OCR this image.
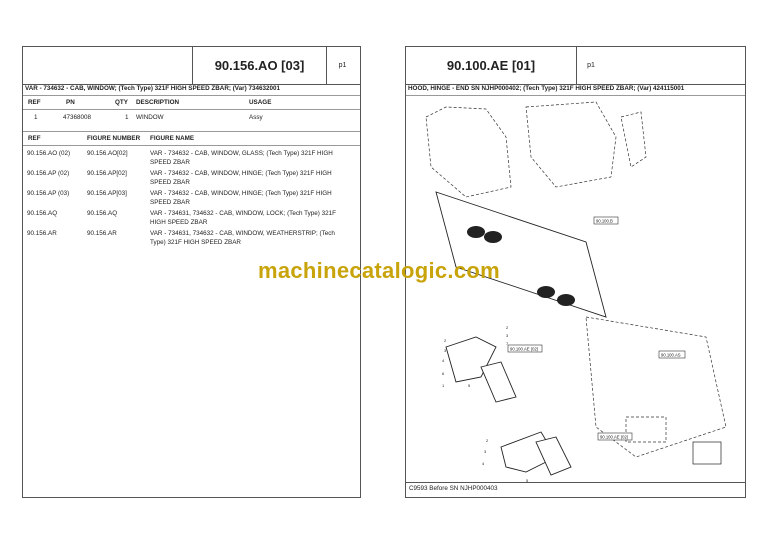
90.156.AO [03]	p1
VAR - 734632 - CAB, WINDOW; (Tech Type) 321F HIGH SPEED ZBAR; (Var) 734632001
REF	PN	QTY DESCRIPTION	USAGE
1	47368008	1 WINDOW	Assy
REF	FIGURE NUMBER FIGURE NAME
90.156.AO (02)	90.156.AO[02]	VAR - 734632 - CAB, WINDOW, GLASS; (Tech Type) 321F HIGH SPEED ZBAR
90.156.AP (02)	90.156.AP[02]	VAR - 734632 - CAB, WINDOW, HINGE; (Tech Type) 321F HIGH SPEED ZBAR
90.156.AP (03)	90.156.AP[03]	VAR - 734632 - CAB, WINDOW, HINGE; (Tech Type) 321F HIGH SPEED ZBAR
90.156.AQ	90.156.AQ	VAR - 734631, 734632 - CAB, WINDOW, LOCK; (Tech Type) 321F HIGH SPEED ZBAR
90.156.AR	90.156.AR	VAR - 734631, 734632 - CAB, WINDOW, WEATHERSTRIP; (Tech Type) 321F HIGH SPEED ZBAR
90.100.AE [01]	p1
HOOD, HINGE - END SN NJHP000402; (Tech Type) 321F HIGH SPEED ZBAR; (Var) 424115001
2
3
4
6
1	5
2
3
7
2
3
4
5
90.100.B
90.100.AE (02)
90.100.AS
90.100.AE (02)
C9593 Before SN NJHP000403
machinecatalogic.com
